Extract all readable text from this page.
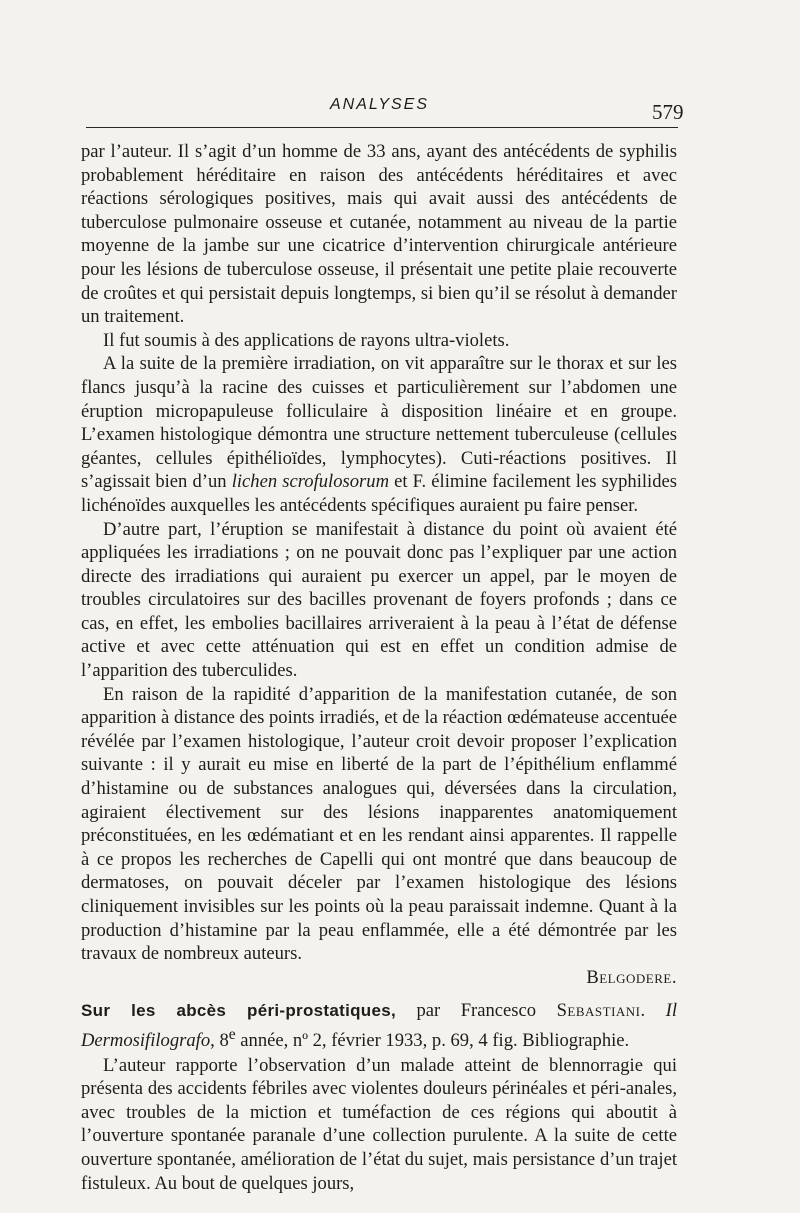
ANALYSES	579

par l’auteur. Il s’agit d’un homme de 33 ans, ayant des antécédents de syphilis probablement héréditaire en raison des antécédents héréditaires et avec réactions sérologiques positives, mais qui avait aussi des antécédents de tuberculose pulmonaire osseuse et cutanée, notamment au niveau de la partie moyenne de la jambe sur une cicatrice d’intervention chirurgicale antérieure pour les lésions de tuberculose osseuse, il présentait une petite plaie recouverte de croûtes et qui persistait depuis longtemps, si bien qu’il se résolut à demander un traitement.

Il fut soumis à des applications de rayons ultra-violets.

A la suite de la première irradiation, on vit apparaître sur le thorax et sur les flancs jusqu’à la racine des cuisses et particulièrement sur l’abdomen une éruption micropapuleuse folliculaire à disposition linéaire et en groupe. L’examen histologique démontra une structure nettement tuberculeuse (cellules géantes, cellules épithélioïdes, lymphocytes). Cuti-réactions positives. Il s’agissait bien d’un lichen scrofulosorum et F. élimine facilement les syphilides lichénoïdes auxquelles les antécédents spécifiques auraient pu faire penser.

D’autre part, l’éruption se manifestait à distance du point où avaient été appliquées les irradiations ; on ne pouvait donc pas l’expliquer par une action directe des irradiations qui auraient pu exercer un appel, par le moyen de troubles circulatoires sur des bacilles provenant de foyers profonds ; dans ce cas, en effet, les embolies bacillaires arriveraient à la peau à l’état de défense active et avec cette atténuation qui est en effet un condition admise de l’apparition des tuberculides.

En raison de la rapidité d’apparition de la manifestation cutanée, de son apparition à distance des points irradiés, et de la réaction œdémateuse accentuée révélée par l’examen histologique, l’auteur croit devoir proposer l’explication suivante : il y aurait eu mise en liberté de la part de l’épithélium enflammé d’histamine ou de substances analogues qui, déversées dans la circulation, agiraient électivement sur des lésions inapparentes anatomiquement préconstituées, en les œdématiant et en les rendant ainsi apparentes. Il rappelle à ce propos les recherches de Capelli qui ont montré que dans beaucoup de dermatoses, on pouvait déceler par l’examen histologique des lésions cliniquement invisibles sur les points où la peau paraissait indemne. Quant à la production d’histamine par la peau enflammée, elle a été démontrée par les travaux de nombreux auteurs.

Belgodere.

Sur les abcès péri-prostatiques, par Francesco Sebastiani. Il Dermosifilografo, 8e année, nº 2, février 1933, p. 69, 4 fig. Bibliographie.

L’auteur rapporte l’observation d’un malade atteint de blennorragie qui présenta des accidents fébriles avec violentes douleurs périnéales et péri-anales, avec troubles de la miction et tuméfaction de ces régions qui aboutit à l’ouverture spontanée paranale d’une collection purulente. A la suite de cette ouverture spontanée, amélioration de l’état du sujet, mais persistance d’un trajet fistuleux. Au bout de quelques jours,
